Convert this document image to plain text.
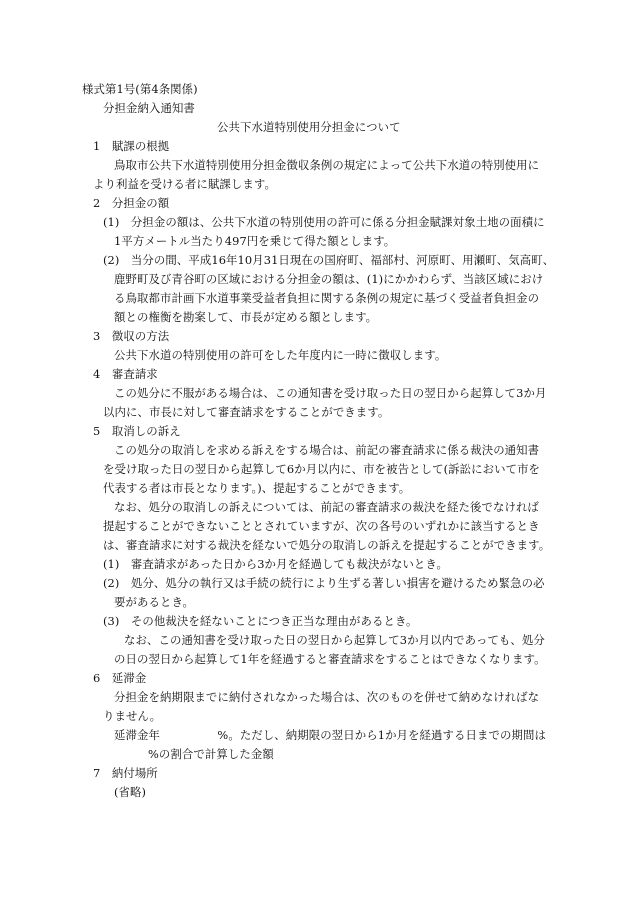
様式第1号(第4条関係)
分担金納入通知書
公共下水道特別使用分担金について
1　賦課の根拠
鳥取市公共下水道特別使用分担金徴収条例の規定によって公共下水道の特別使用に
より利益を受ける者に賦課します。
2　分担金の額
(1)　分担金の額は、公共下水道の特別使用の許可に係る分担金賦課対象土地の面積に
1平方メートル当たり497円を乗じて得た額とします。
(2)　当分の間、平成16年10月31日現在の国府町、福部村、河原町、用瀬町、気高町、
鹿野町及び青谷町の区域における分担金の額は、(1)にかかわらず、当該区域におけ
る鳥取都市計画下水道事業受益者負担に関する条例の規定に基づく受益者負担金の
額との権衡を勘案して、市長が定める額とします。
3　徴収の方法
公共下水道の特別使用の許可をした年度内に一時に徴収します。
4　審査請求
この処分に不服がある場合は、この通知書を受け取った日の翌日から起算して3か月
以内に、市長に対して審査請求をすることができます。
5　取消しの訴え
この処分の取消しを求める訴えをする場合は、前記の審査請求に係る裁決の通知書
を受け取った日の翌日から起算して6か月以内に、市を被告として(訴訟において市を
代表する者は市長となります。)、提起することができます。
なお、処分の取消しの訴えについては、前記の審査請求の裁決を経た後でなければ
提起することができないこととされていますが、次の各号のいずれかに該当するとき
は、審査請求に対する裁決を経ないで処分の取消しの訴えを提起することができます。
(1)　審査請求があった日から3か月を経過しても裁決がないとき。
(2)　処分、処分の執行又は手続の続行により生ずる著しい損害を避けるため緊急の必
要があるとき。
(3)　その他裁決を経ないことにつき正当な理由があるとき。
なお、この通知書を受け取った日の翌日から起算して3か月以内であっても、処分
の日の翌日から起算して1年を経過すると審査請求をすることはできなくなります。
6　延滞金
分担金を納期限までに納付されなかった場合は、次のものを併せて納めなければな
りません。
延滞金年　　　　　%。ただし、納期限の翌日から1か月を経過する日までの期間は
%の割合で計算した金額
7　納付場所
(省略)
